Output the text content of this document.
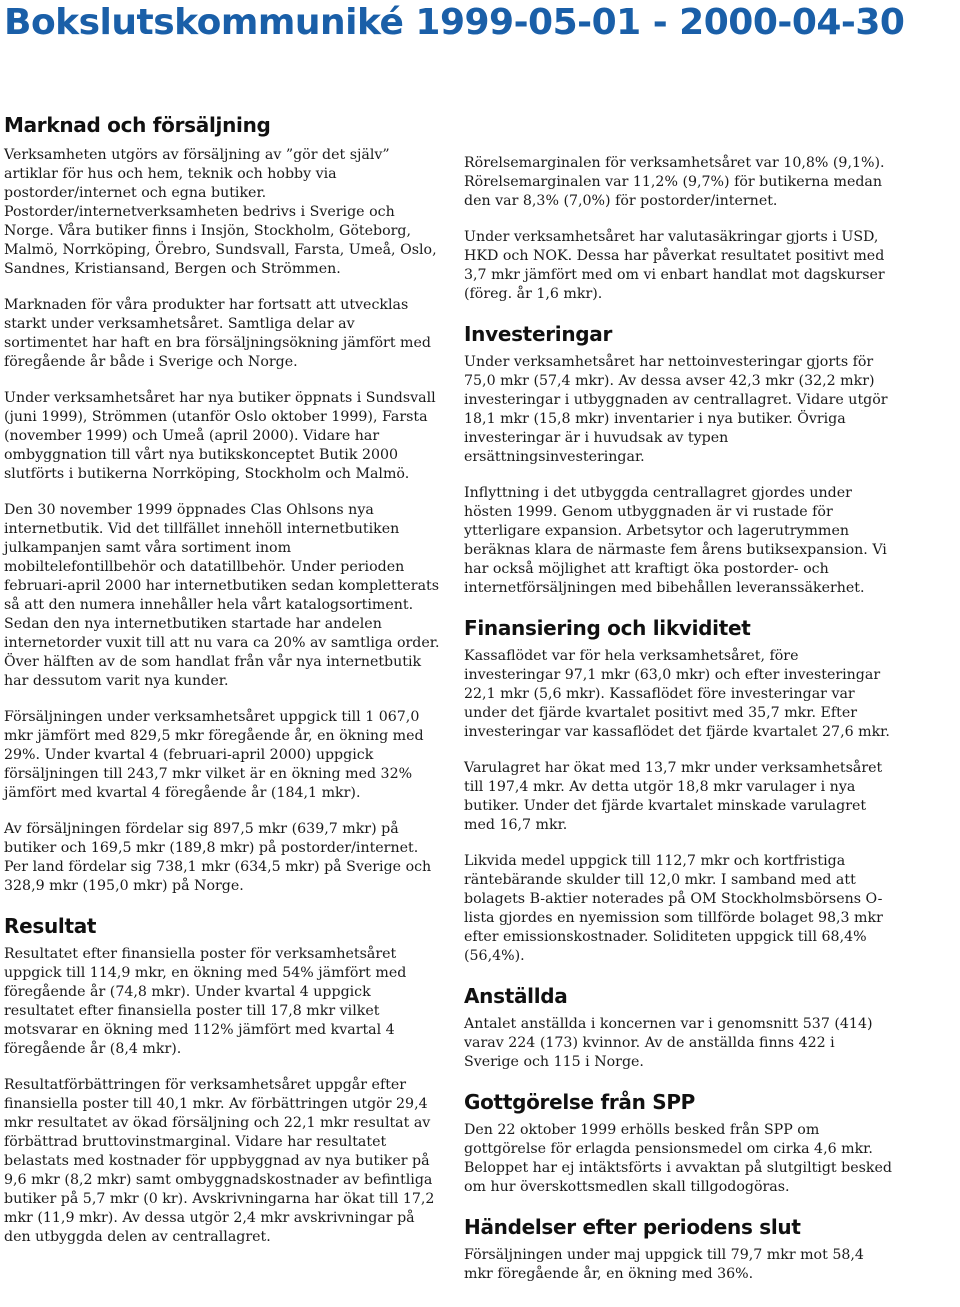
Bokslutskommuniké 1999-05-01 - 2000-04-30
Marknad och försäljning

Verksamheten utgörs av försäljning av ”gör det själv” artiklar för hus och hem, teknik och hobby via postorder/internet och egna butiker. Postorder/internetverksamheten bedrivs i Sverige och Norge. Våra butiker finns i Insjön, Stockholm, Göteborg, Malmö, Norrköping, Örebro, Sundsvall, Farsta, Umeå, Oslo, Sandnes, Kristiansand, Bergen och Strömmen.

Marknaden för våra produkter har fortsatt att utvecklas starkt under verksamhetsåret. Samtliga delar av sortimentet har haft en bra försäljningsökning jämfört med föregående år både i Sverige och Norge.

Under verksamhetsåret har nya butiker öppnats i Sundsvall (juni 1999), Strömmen (utanför Oslo oktober 1999), Farsta (november 1999) och Umeå (april 2000). Vidare har ombyggnation till vårt nya butikskonceptet Butik 2000 slutförts i butikerna Norrköping, Stockholm och Malmö.

Den 30 november 1999 öppnades Clas Ohlsons nya internetbutik. Vid det tillfället innehöll internetbutiken julkampanjen samt våra sortiment inom mobiltelefontillbehör och datatillbehör. Under perioden februari-april 2000 har internetbutiken sedan kompletterats så att den numera innehåller hela vårt katalogsortiment. Sedan den nya internetbutiken startade har andelen internetorder vuxit till att nu vara ca 20% av samtliga order. Över hälften av de som handlat från vår nya internetbutik har dessutom varit nya kunder.

Försäljningen under verksamhetsåret uppgick till 1 067,0 mkr jämfört med 829,5 mkr föregående år, en ökning med 29%. Under kvartal 4 (februari-april 2000) uppgick försäljningen till 243,7 mkr vilket är en ökning med 32% jämfört med kvartal 4 föregående år (184,1 mkr).

Av försäljningen fördelar sig 897,5 mkr (639,7 mkr) på butiker och 169,5 mkr (189,8 mkr) på postorder/internet. Per land fördelar sig 738,1 mkr (634,5 mkr) på Sverige och 328,9 mkr (195,0 mkr) på Norge.

Resultat

Resultatet efter finansiella poster för verksamhetsåret uppgick till 114,9 mkr, en ökning med 54% jämfört med föregående år (74,8 mkr). Under kvartal 4 uppgick resultatet efter finansiella poster till 17,8 mkr vilket motsvarar en ökning med 112% jämfört med kvartal 4 föregående år (8,4 mkr).

Resultatförbättringen för verksamhetsåret uppgår efter finansiella poster till 40,1 mkr. Av förbättringen utgör 29,4 mkr resultatet av ökad försäljning och 22,1 mkr resultat av förbättrad bruttovinstmarginal. Vidare har resultatet belastats med kostnader för uppbyggnad av nya butiker på 9,6 mkr (8,2 mkr) samt ombyggnadskostnader av befintliga butiker på 5,7 mkr (0 kr). Avskrivningarna har ökat till 17,2 mkr (11,9 mkr). Av dessa utgör 2,4 mkr avskrivningar på den utbyggda delen av centrallagret.

Rörelsemarginalen för verksamhetsåret var 10,8% (9,1%). Rörelsemarginalen var 11,2% (9,7%) för butikerna medan den var 8,3% (7,0%) för postorder/internet.

Under verksamhetsåret har valutasäkringar gjorts i USD, HKD och NOK. Dessa har påverkat resultatet positivt med 3,7 mkr jämfört med om vi enbart handlat mot dagskurser (föreg. år 1,6 mkr).

Investeringar

Under verksamhetsåret har nettoinvesteringar gjorts för 75,0 mkr (57,4 mkr). Av dessa avser 42,3 mkr (32,2 mkr) investeringar i utbyggnaden av centrallagret. Vidare utgör 18,1 mkr (15,8 mkr) inventarier i nya butiker. Övriga investeringar är i huvudsak av typen ersättningsinvesteringar.

Inflyttning i det utbyggda centrallagret gjordes under hösten 1999. Genom utbyggnaden är vi rustade för ytterligare expansion. Arbetsytor och lagerutrymmen beräknas klara de närmaste fem årens butiksexpansion. Vi har också möjlighet att kraftigt öka postorder- och internetförsäljningen med bibehållen leveranssäkerhet.

Finansiering och likviditet

Kassaflödet var för hela verksamhetsåret, före investeringar 97,1 mkr (63,0 mkr) och efter investeringar 22,1 mkr (5,6 mkr). Kassaflödet före investeringar var under det fjärde kvartalet positivt med 35,7 mkr. Efter investeringar var kassaflödet det fjärde kvartalet 27,6 mkr.

Varulagret har ökat med 13,7 mkr under verksamhetsåret till 197,4 mkr. Av detta utgör 18,8 mkr varulager i nya butiker. Under det fjärde kvartalet minskade varulagret med 16,7 mkr.

Likvida medel uppgick till 112,7 mkr och kortfristiga räntebärande skulder till 12,0 mkr. I samband med att bolagets B-aktier noterades på OM Stockholmsbörsens O-lista gjordes en nyemission som tillförde bolaget 98,3 mkr efter emissionskostnader. Soliditeten uppgick till 68,4% (56,4%).

Anställda

Antalet anställda i koncernen var i genomsnitt 537 (414) varav 224 (173) kvinnor. Av de anställda finns 422 i Sverige och 115 i Norge.

Gottgörelse från SPP

Den 22 oktober 1999 erhölls besked från SPP om gottgörelse för erlagda pensionsmedel om cirka 4,6 mkr. Beloppet har ej intäktsförts i avvaktan på slutgiltigt besked om hur överskottsmedlen skall tillgodogöras.

Händelser efter periodens slut

Försäljningen under maj uppgick till 79,7 mkr mot 58,4 mkr föregående år, en ökning med 36%.
